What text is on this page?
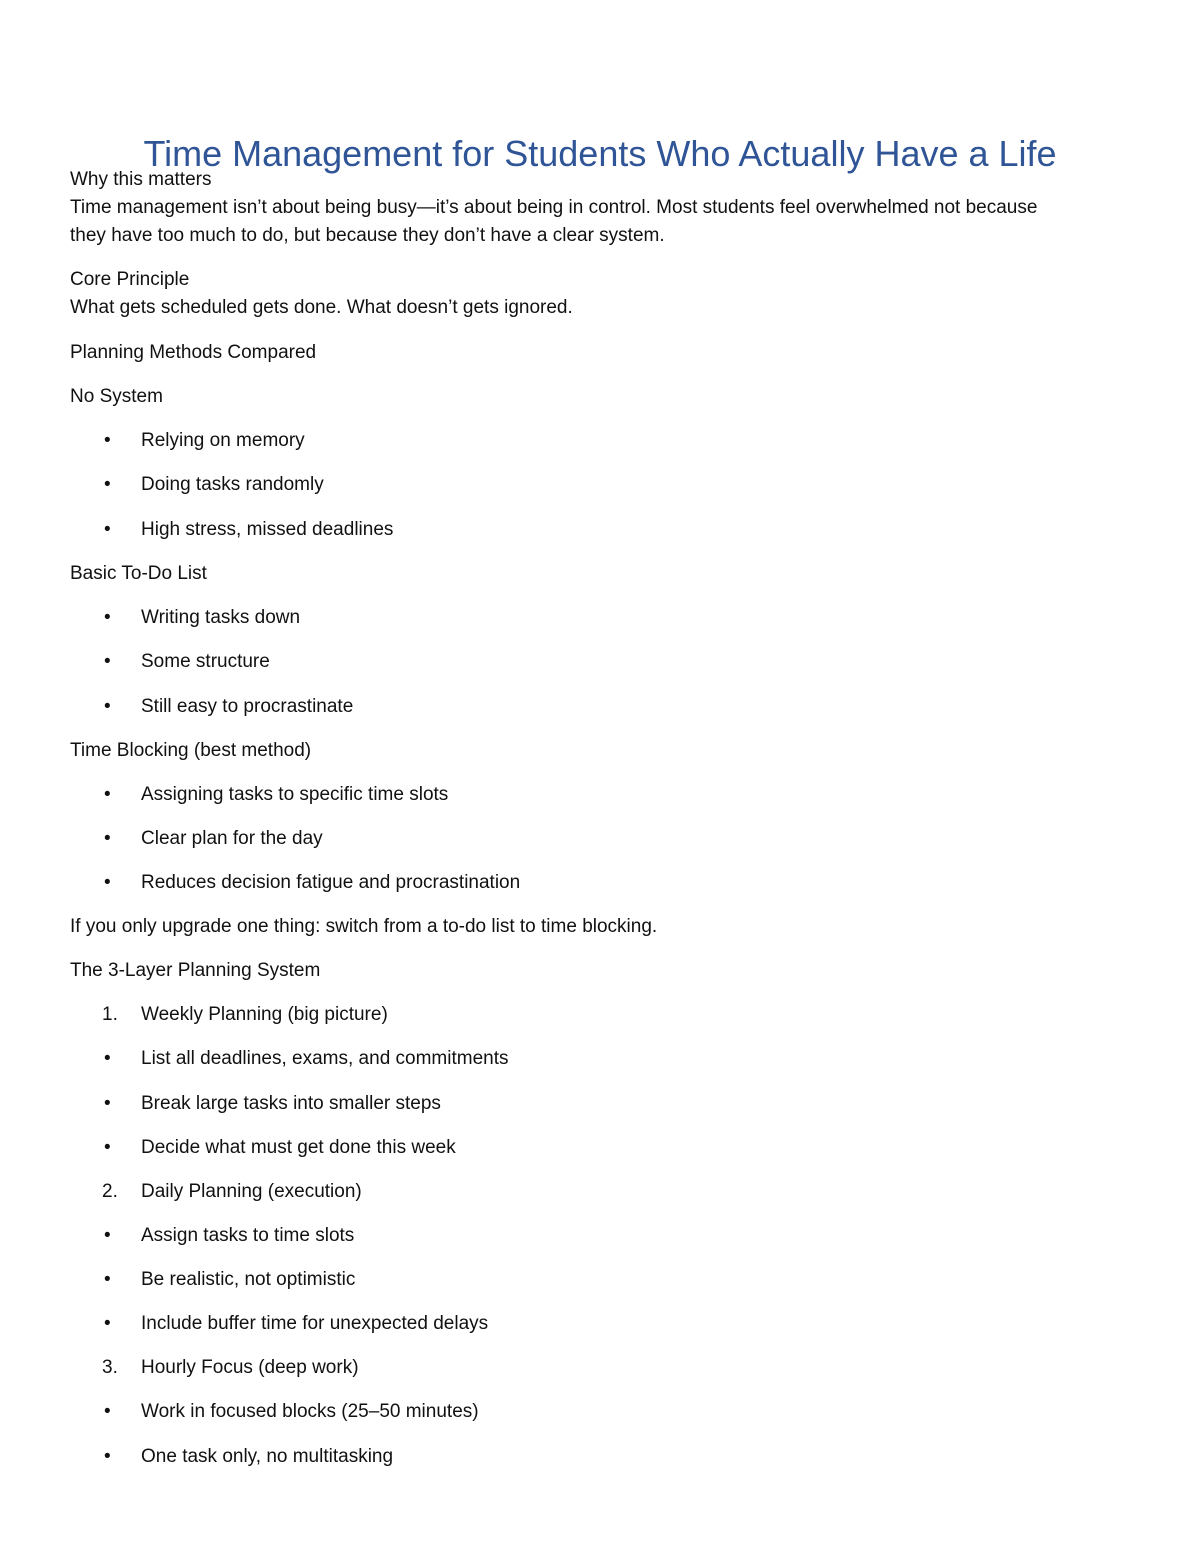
Time Management for Students Who Actually Have a Life
Why this matters
Time management isn’t about being busy—it’s about being in control. Most students feel overwhelmed not because
they have too much to do, but because they don’t have a clear system.
Core Principle
What gets scheduled gets done. What doesn’t gets ignored.
Planning Methods Compared
No System
• Relying on memory
• Doing tasks randomly
• High stress, missed deadlines
Basic To-Do List
• Writing tasks down
• Some structure
• Still easy to procrastinate
Time Blocking (best method)
• Assigning tasks to specific time slots
• Clear plan for the day
• Reduces decision fatigue and procrastination
If you only upgrade one thing: switch from a to-do list to time blocking.
The 3-Layer Planning System
1. Weekly Planning (big picture)
• List all deadlines, exams, and commitments
• Break large tasks into smaller steps
• Decide what must get done this week
2. Daily Planning (execution)
• Assign tasks to time slots
• Be realistic, not optimistic
• Include buffer time for unexpected delays
3. Hourly Focus (deep work)
• Work in focused blocks (25–50 minutes)
• One task only, no multitasking
